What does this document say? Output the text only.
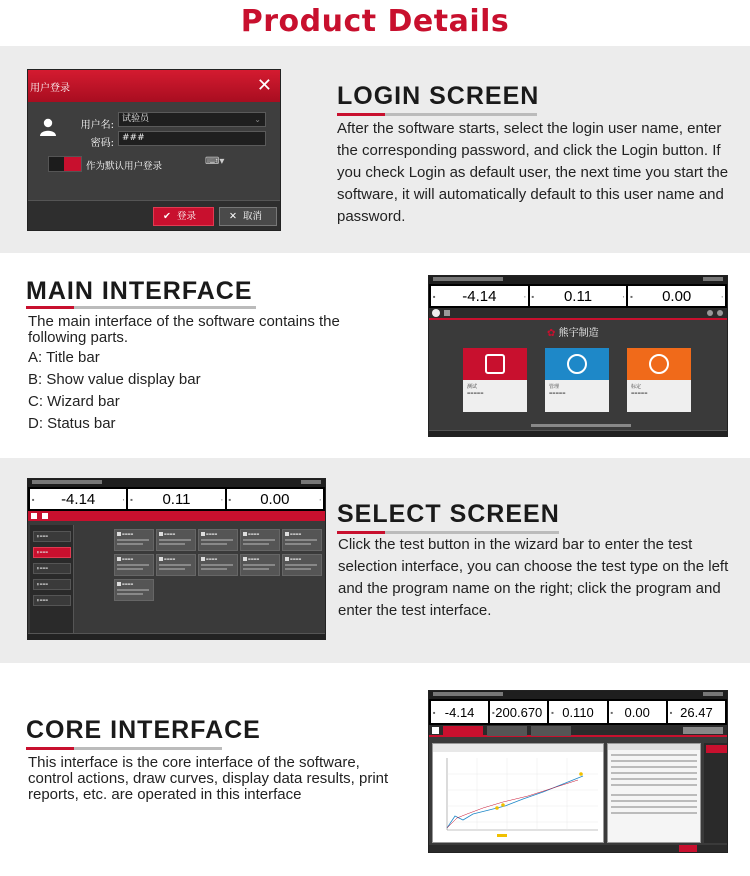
Product Details
用户登录	✕
用户名:
试验员	⌄
密码: ###
作为默认用户登录	⌨▾
✔ 登录	✕ 取消
LOGIN SCREEN
After the software starts, select the login user name, enter the corresponding password, and click the Login button. If you check Login as default user, the next time you start the software, it will automatically default to this user name and password.
MAIN INTERFACE
The main interface of the software contains the following parts.
A: Title bar
B: Show value display bar
C: Wizard bar
D: Status bar
■ -4.14	▪ ■ 0.11	▪ ■ 0.00	▪
✿ 熊宇制造
测试
▬▬▬▬▬
管理
▬▬▬▬▬
标定
▬▬▬▬▬
■ -4.14	▪ ■ 0.11	▪ ■ 0.00	▪
▮ ▬▬▬
▮ ▬▬▬
▮ ▬▬▬
▮ ▬▬▬
▮ ▬▬▬
▬▬▬▬	▬▬▬▬	▬▬▬▬	▬▬▬▬	▬▬▬▬
▬▬▬▬	▬▬▬▬	▬▬▬▬	▬▬▬▬	▬▬▬▬
▬▬▬▬
SELECT SCREEN
Click the test button in the wizard bar to enter the test selection interface, you can choose the test type on the left and the program name on the right; click the program and enter the test interface.
CORE INTERFACE
This interface is the core interface of the software, control actions, draw curves, display data results, print reports, etc. are operated in this interface
■ -4.14	■ 200.670	■ 0.110	■ 0.00	■ 26.47
